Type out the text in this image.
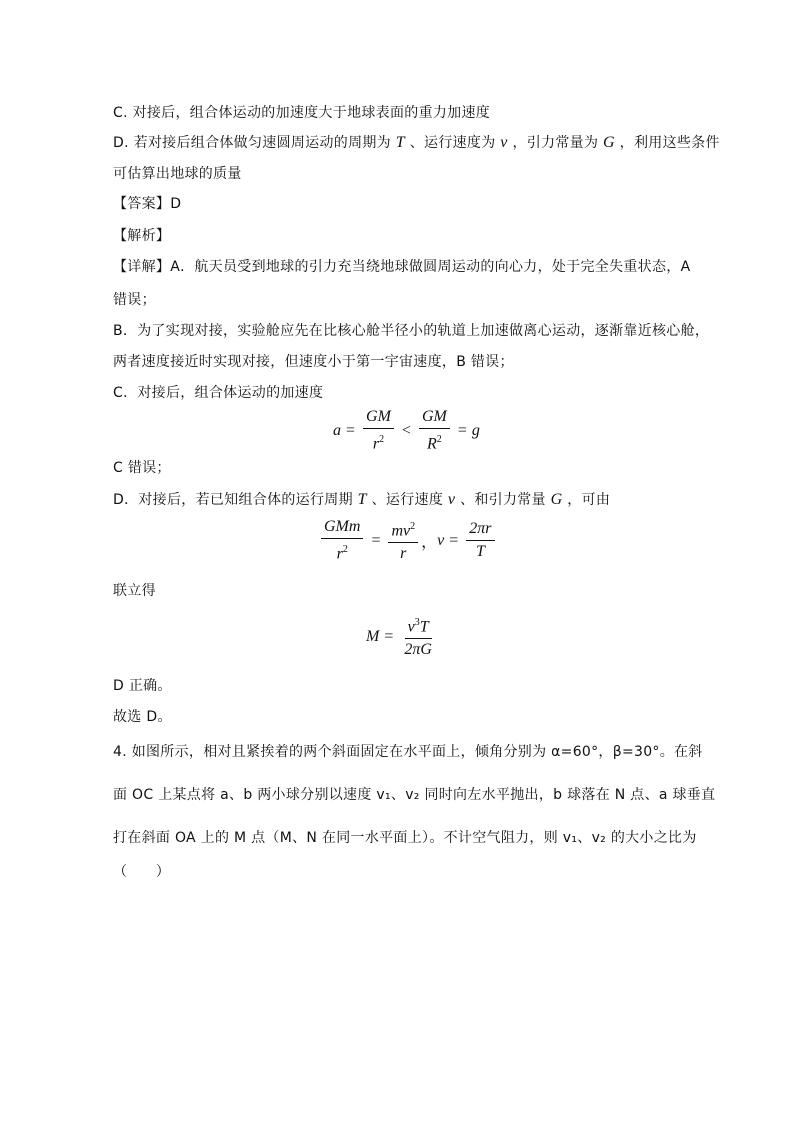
C. 对接后，组合体运动的加速度大于地球表面的重力加速度
D. 若对接后组合体做匀速圆周运动的周期为 T 、运行速度为 v ，引力常量为 G ，利用这些条件
可估算出地球的质量
【答案】D
【解析】
【详解】A．航天员受到地球的引力充当绕地球做圆周运动的向心力，处于完全失重状态，A
错误；
B．为了实现对接，实验舱应先在比核心舱半径小的轨道上加速做离心运动，逐渐靠近核心舱，
两者速度接近时实现对接，但速度小于第一宇宙速度，B 错误；
C．对接后，组合体运动的加速度
$a = \frac{GM}{r^2} < \frac{GM}{R^2} = g$
C 错误；
D．对接后，若已知组合体的运行周期 T 、运行速度 v 、和引力常量 G ，可由
$\frac{\text{GMm}}{r^2} = \frac{mv^2}{r}$ ， $v = \frac{2\pi r}{T}$
联立得
$M = \frac{v^3T}{2\pi G}$
D 正确。
故选 D。
4. 如图所示，相对且紧挨着的两个斜面固定在水平面上，倾角分别为 α=60°，β=30°。在斜
面 OC 上某点将 a、b 两小球分别以速度 v₁、v₂ 同时向左水平抛出，b 球落在 N 点、a 球垂直
打在斜面 OA 上的 M 点（M、N 在同一水平面上）。不计空气阻力，则 v₁、v₂ 的大小之比为
（　　）
